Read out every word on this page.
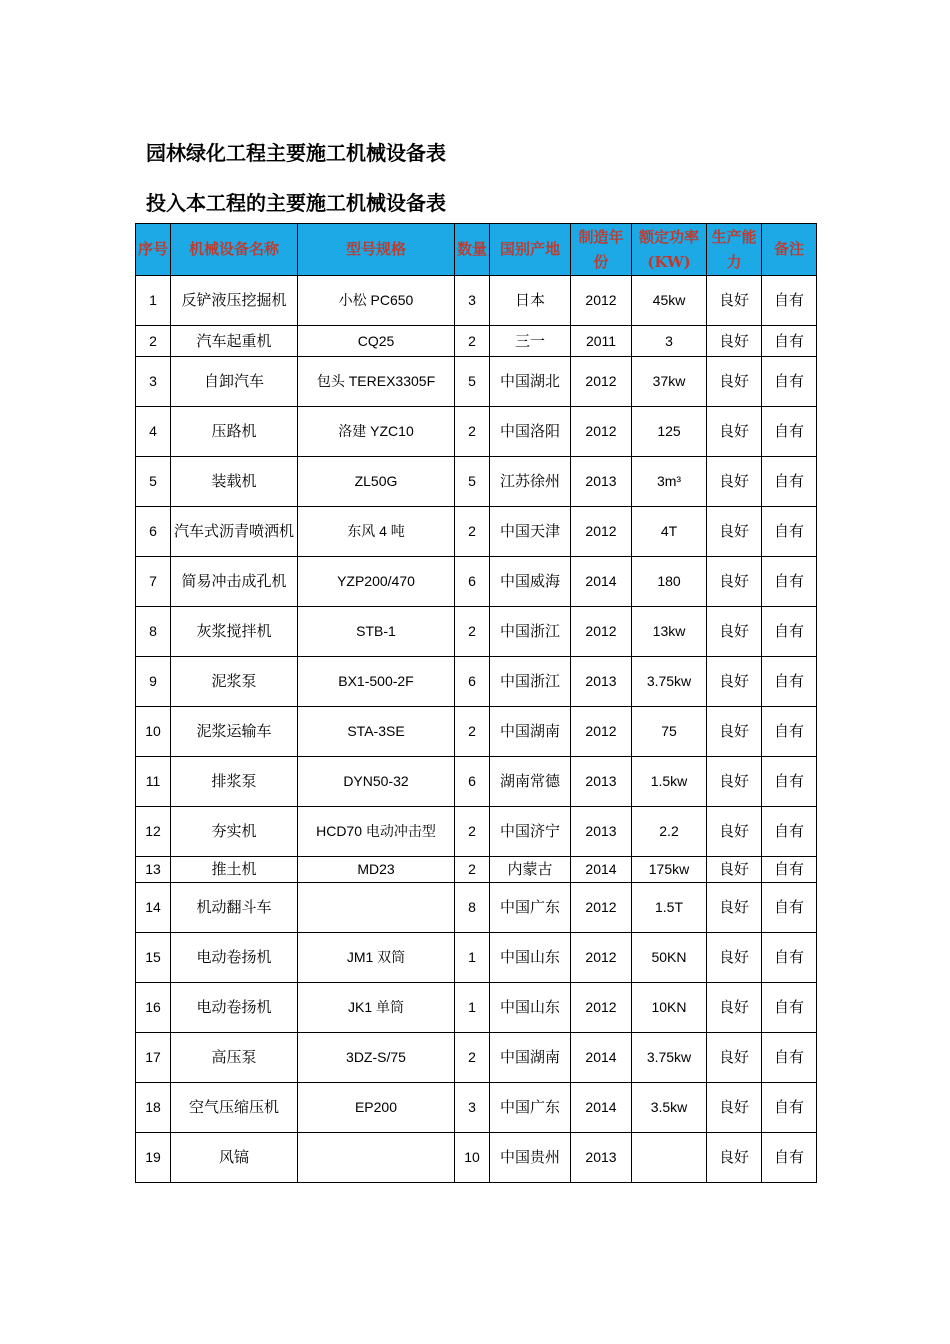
园林绿化工程主要施工机械设备表
投入本工程的主要施工机械设备表
序号	机械设备名称	型号规格	数量	国别产地	制造年份	额定功率(KW)	生产能力	备注
1	反铲液压挖掘机	小松 PC650	3	日本	2012	45kw	良好	自有
2	汽车起重机	CQ25	2	三一	2011	3	良好	自有
3	自卸汽车	包头 TEREX3305F	5	中国湖北	2012	37kw	良好	自有
4	压路机	洛建 YZC10	2	中国洛阳	2012	125	良好	自有
5	装载机	ZL50G	5	江苏徐州	2013	3m³	良好	自有
6	汽车式沥青喷洒机	东风 4 吨	2	中国天津	2012	4T	良好	自有
7	简易冲击成孔机	YZP200/470	6	中国威海	2014	180	良好	自有
8	灰浆搅拌机	STB-1	2	中国浙江	2012	13kw	良好	自有
9	泥浆泵	BX1-500-2F	6	中国浙江	2013	3.75kw	良好	自有
10	泥浆运输车	STA-3SE	2	中国湖南	2012	75	良好	自有
11	排浆泵	DYN50-32	6	湖南常德	2013	1.5kw	良好	自有
12	夯实机	HCD70 电动冲击型	2	中国济宁	2013	2.2	良好	自有
13	推土机	MD23	2	内蒙古	2014	175kw	良好	自有
14	机动翻斗车		8	中国广东	2012	1.5T	良好	自有
15	电动卷扬机	JM1 双筒	1	中国山东	2012	50KN	良好	自有
16	电动卷扬机	JK1 单筒	1	中国山东	2012	10KN	良好	自有
17	高压泵	3DZ-S/75	2	中国湖南	2014	3.75kw	良好	自有
18	空气压缩压机	EP200	3	中国广东	2014	3.5kw	良好	自有
19	风镐		10	中国贵州	2013		良好	自有
